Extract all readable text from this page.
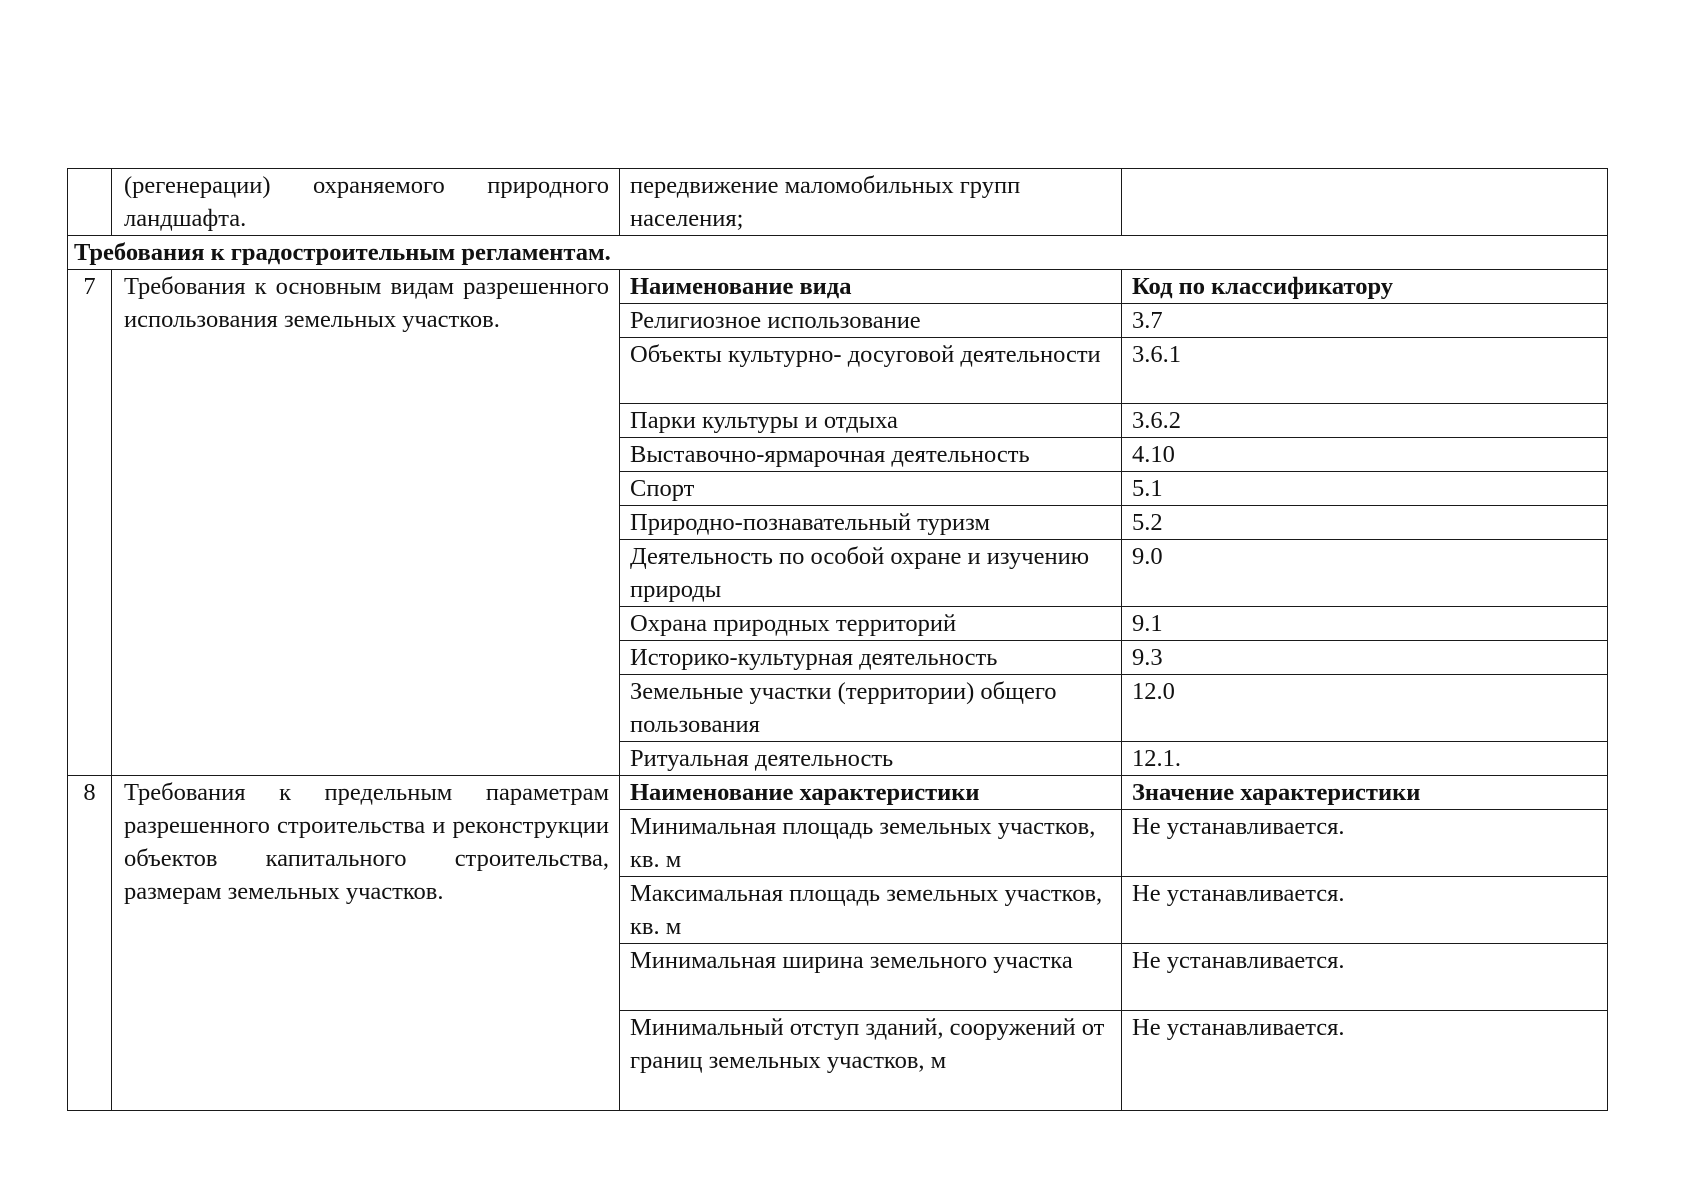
	(регенерации) охраняемого природного ландшафта.	передвижение маломобильных групп населения;	
Требования к градостроительным регламентам.			
7	Требования к основным видам разрешенного использования земельных участков.	Наименование вида	Код по классификатору
		Религиозное использование	3.7
		Объекты культурно- досуговой деятельности	3.6.1
		Парки культуры и отдыха	3.6.2
		Выставочно-ярмарочная деятельность	4.10
		Спорт	5.1
		Природно-познавательный туризм	5.2
		Деятельность по особой охране и изучению природы	9.0
		Охрана природных территорий	9.1
		Историко-культурная деятельность	9.3
		Земельные участки (территории) общего пользования	12.0
		Ритуальная деятельность	12.1.
8	Требования к предельным параметрам разрешенного строительства и реконструкции объектов капитального строительства, размерам земельных участков.	Наименование характеристики	Значение характеристики
		Минимальная площадь земельных участков, кв. м	Не устанавливается.
		Максимальная площадь земельных участков, кв. м	Не устанавливается.
		Минимальная ширина земельного участка	Не устанавливается.
		Минимальный отступ зданий, сооружений от границ земельных участков, м	Не устанавливается.
